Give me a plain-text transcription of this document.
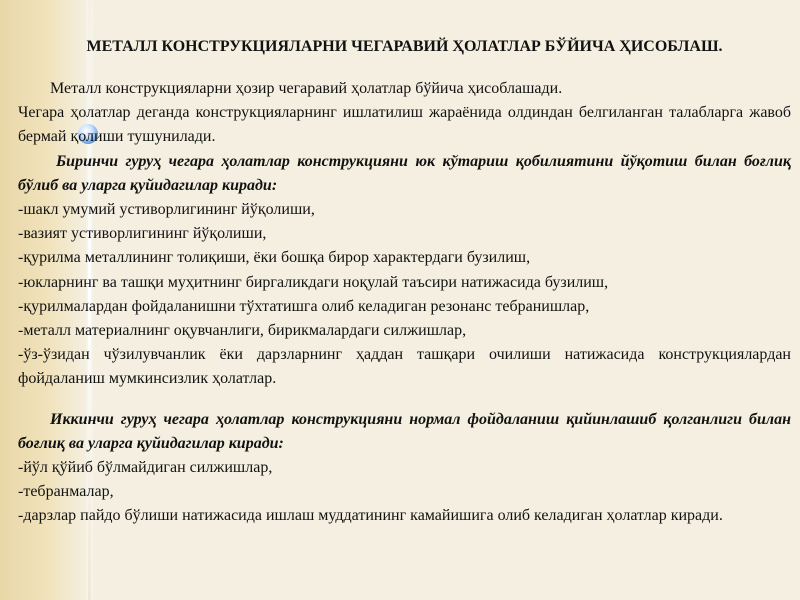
МЕТАЛЛ КОНСТРУКЦИЯЛАРНИ ЧЕГАРАВИЙ ҲОЛАТЛАР БЎЙИЧА ҲИСОБЛАШ.

Металл конструкцияларни ҳозир чегаравий ҳолатлар бўйича ҳисоблашади.

Чегара ҳолатлар деганда конструкцияларнинг ишлатилиш жараёнида олдиндан белгиланган талабларга жавоб бермай қолиши тушунилади.

Биринчи гуруҳ чегара ҳолатлар конструкцияни юк кўтариш қобилиятини йўқотиш билан боғлиқ бўлиб ва уларга қуйидагилар киради:

-шакл умумий устиворлигининг йўқолиши,

-вазият устиворлигининг йўқолиши,

-қурилма металлининг толиқиши, ёки бошқа бирор характердаги бузилиш,

-юкларнинг ва ташқи муҳитнинг биргаликдаги ноқулай таъсири натижасида бузилиш,

-қурилмалардан фойдаланишни тўхтатишга олиб келадиган резонанс тебранишлар,

-металл материалнинг оқувчанлиги, бирикмалардаги силжишлар,

-ўз-ўзидан чўзилувчанлик ёки дарзларнинг ҳаддан ташқари очилиши натижасида конструкциялардан фойдаланиш мумкинсизлик ҳолатлар.

Иккинчи гуруҳ чегара ҳолатлар конструкцияни нормал фойдаланиш қийинлашиб қолганлиги билан боғлиқ ва уларга қуйидагилар киради:

-йўл қўйиб бўлмайдиган силжишлар,

-тебранмалар,

-дарзлар пайдо бўлиши натижасида ишлаш муддатининг камайишига олиб келадиган ҳолатлар киради.
